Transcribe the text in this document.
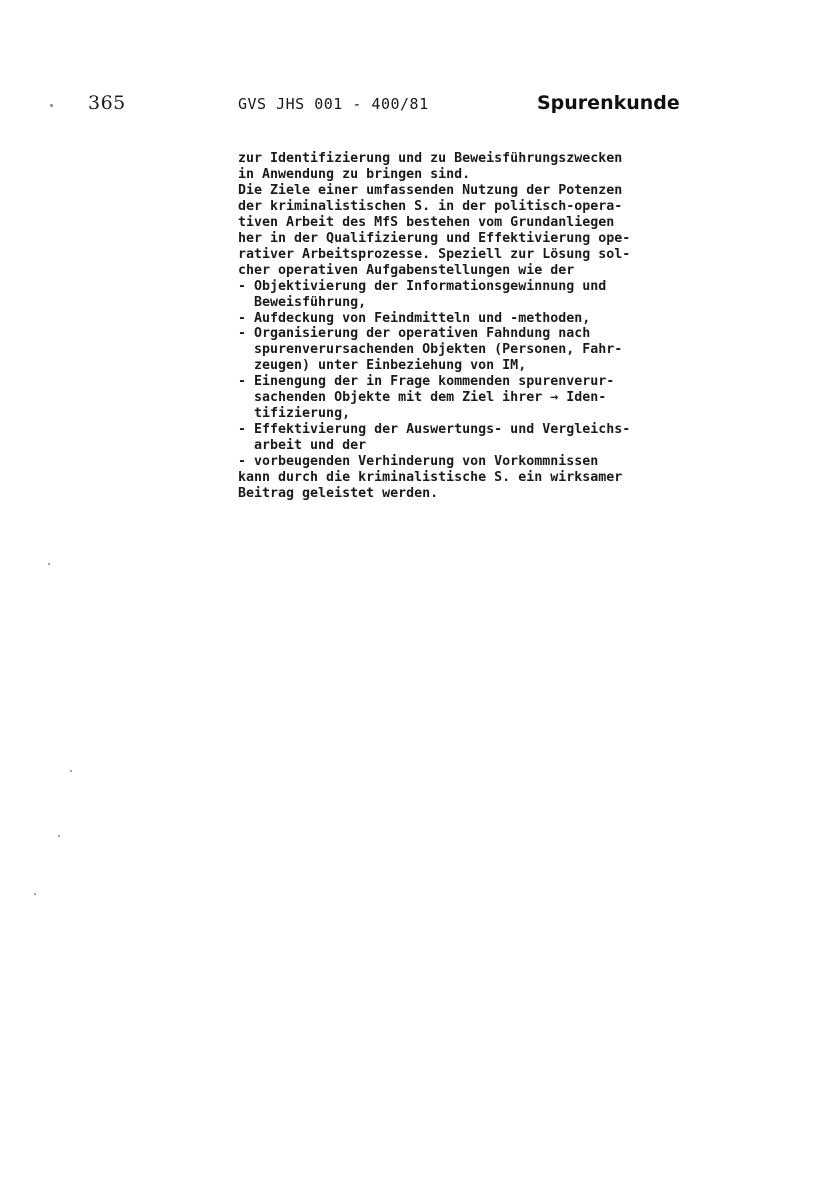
365	GVS JHS 001 - 400/81	Spurenkunde
zur Identifizierung und zu Beweisführungszwecken
in Anwendung zu bringen sind.
Die Ziele einer umfassenden Nutzung der Potenzen
der kriminalistischen S. in der politisch-opera-
tiven Arbeit des MfS bestehen vom Grundanliegen
her in der Qualifizierung und Effektivierung ope-
rativer Arbeitsprozesse. Speziell zur Lösung sol-
cher operativen Aufgabenstellungen wie der
- Objektivierung der Informationsgewinnung und
Beweisführung,
- Aufdeckung von Feindmitteln und -methoden,
- Organisierung der operativen Fahndung nach
spurenverursachenden Objekten (Personen, Fahr-
zeugen) unter Einbeziehung von IM,
- Einengung der in Frage kommenden spurenverur-
sachenden Objekte mit dem Ziel ihrer → Iden-
tifizierung,
- Effektivierung der Auswertungs- und Vergleichs-
arbeit und der
- vorbeugenden Verhinderung von Vorkommnissen
kann durch die kriminalistische S. ein wirksamer
Beitrag geleistet werden.
